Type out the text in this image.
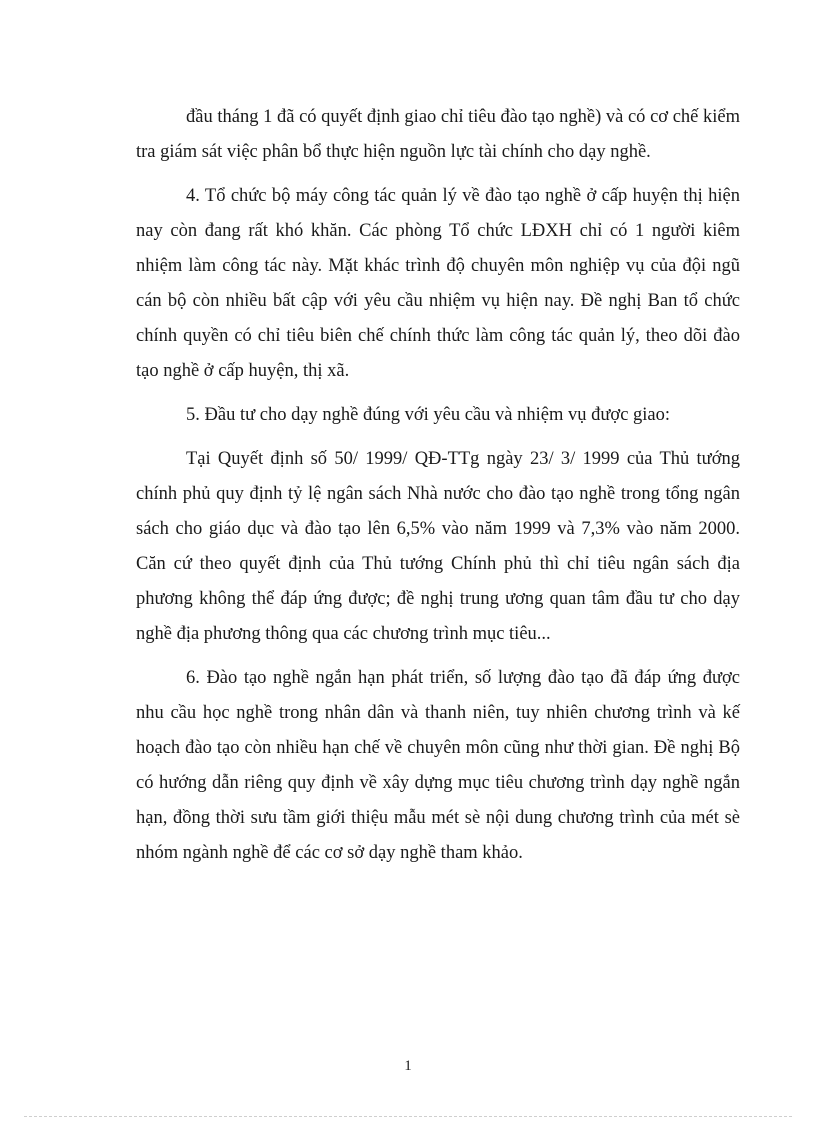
đầu tháng 1 đã có quyết định giao chỉ tiêu đào tạo nghề) và có cơ chế kiểm tra giám sát việc phân bổ thực hiện nguồn lực tài chính cho dạy nghề.

4. Tổ chức bộ máy công tác quản lý về đào tạo nghề ở cấp huyện thị hiện nay còn đang rất khó khăn. Các phòng Tổ chức LĐXH chỉ có 1 người kiêm nhiệm làm công tác này. Mặt khác trình độ chuyên môn nghiệp vụ của đội ngũ cán bộ còn nhiều bất cập với yêu cầu nhiệm vụ hiện nay. Đề nghị Ban tổ chức chính quyền có chỉ tiêu biên chế chính thức làm công tác quản lý, theo dõi đào tạo nghề ở cấp huyện, thị xã.

5. Đầu tư cho dạy nghề đúng với yêu cầu và nhiệm vụ được giao:

Tại Quyết định số 50/ 1999/ QĐ-TTg ngày 23/ 3/ 1999 của Thủ tướng chính phủ quy định tỷ lệ ngân sách Nhà nước cho đào tạo nghề trong tổng ngân sách cho giáo dục và đào tạo lên 6,5% vào năm 1999 và 7,3% vào năm 2000. Căn cứ theo quyết định của Thủ tướng Chính phủ thì chỉ tiêu ngân sách địa phương không thể đáp ứng được; đề nghị trung ương quan tâm đầu tư cho dạy nghề địa phương thông qua các chương trình mục tiêu...

6. Đào tạo nghề ngắn hạn phát triển, số lượng đào tạo đã đáp ứng được nhu cầu học nghề trong nhân dân và thanh niên, tuy nhiên chương trình và kế hoạch đào tạo còn nhiều hạn chế về chuyên môn cũng như thời gian. Đề nghị Bộ có hướng dẫn riêng quy định về xây dựng mục tiêu chương trình dạy nghề ngắn hạn, đồng thời sưu tầm giới thiệu mẫu mét sè nội dung chương trình của mét sè nhóm ngành nghề để các cơ sở dạy nghề tham khảo.

1
